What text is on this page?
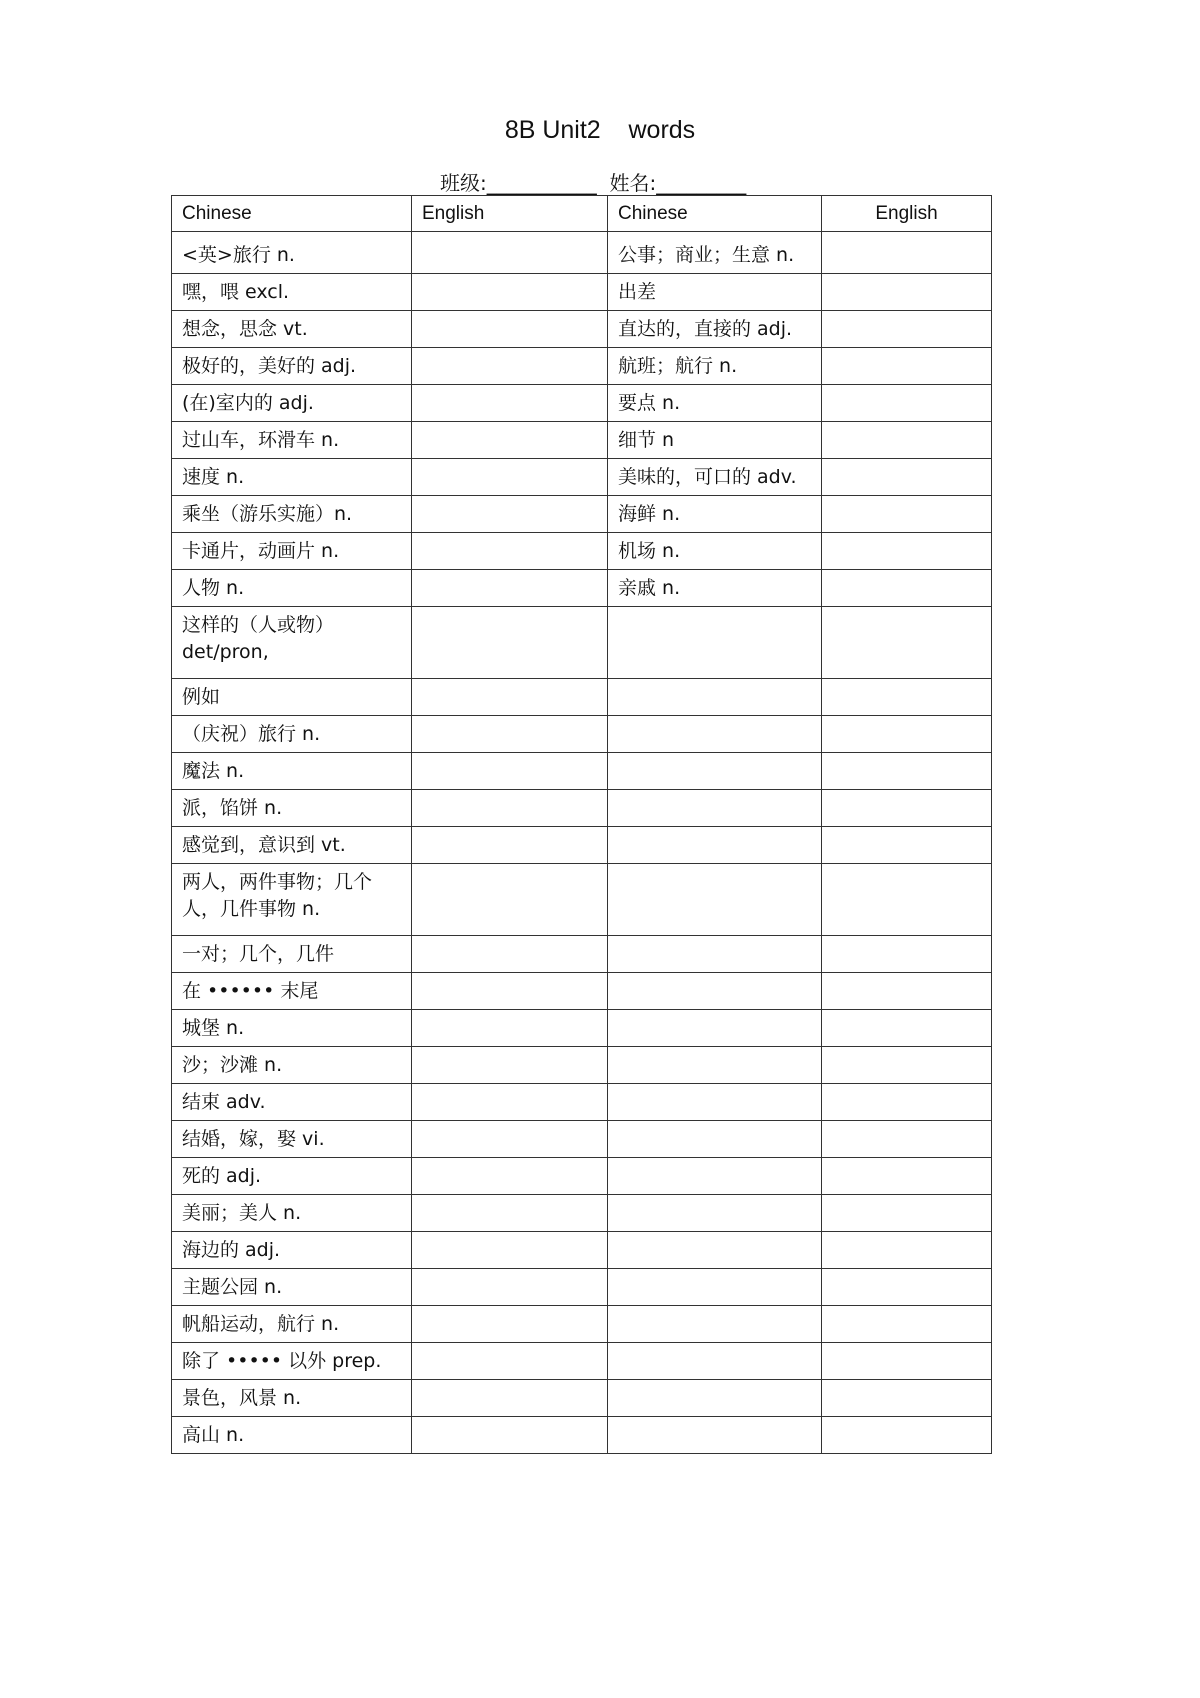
8B Unit2    words
班级:___________ 姓名:_________
Chinese	English	Chinese	English
<英>旅行 n.		公事；商业；生意 n.	
嘿，喂 excl.		出差	
想念，思念 vt.		直达的，直接的 adj.	
极好的，美好的 adj.		航班；航行 n.	
(在)室内的 adj.		要点 n.	
过山车，环滑车 n.		细节 n	
速度 n.		美味的，可口的 adv.	
乘坐（游乐实施）n.		海鲜 n.	
卡通片，动画片 n.		机场 n.	
人物 n.		亲戚 n.	
这样的（人或物）det/pron,			
例如			
（庆祝）旅行 n.			
魔法 n.			
派，馅饼 n.			
感觉到，意识到 vt.			
两人，两件事物；几个人，几件事物 n.			
一对；几个，几件			
在 •••••• 末尾			
城堡 n.			
沙；沙滩 n.			
结束 adv.			
结婚，嫁，娶 vi.			
死的 adj.			
美丽；美人 n.			
海边的 adj.			
主题公园 n.			
帆船运动，航行 n.			
除了 ••••• 以外 prep.			
景色，风景 n.			
高山 n.			
